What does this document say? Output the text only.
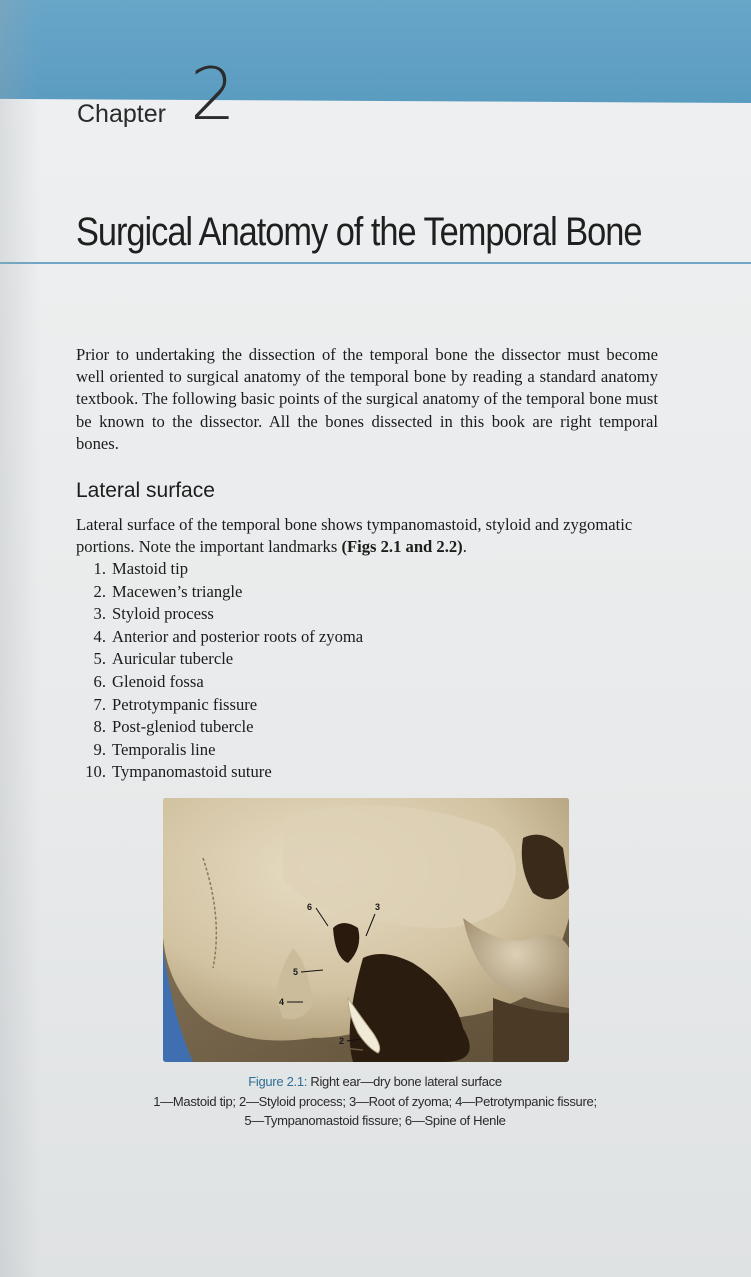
Chapter 2
Surgical Anatomy of the Temporal Bone

Prior to undertaking the dissection of the temporal bone the dissector must become well oriented to surgical anatomy of the temporal bone by reading a standard anatomy textbook. The following basic points of the surgical anatomy of the temporal bone must be known to the dissector. All the bones dissected in this book are right temporal bones.

Lateral surface

Lateral surface of the temporal bone shows tympanomastoid, styloid and zygomatic portions. Note the important landmarks (Figs 2.1 and 2.2).

1. Mastoid tip
2. Macewen’s triangle
3. Styloid process
4. Anterior and posterior roots of zyoma
5. Auricular tubercle
6. Glenoid fossa
7. Petrotympanic fissure
8. Post-gleniod tubercle
9. Temporalis line
10. Tympanomastoid suture
6	3
5
4
2
Figure 2.1: Right ear—dry bone lateral surface
1—Mastoid tip; 2—Styloid process; 3—Root of zyoma; 4—Petrotympanic fissure;
5—Tympanomastoid fissure; 6—Spine of Henle
